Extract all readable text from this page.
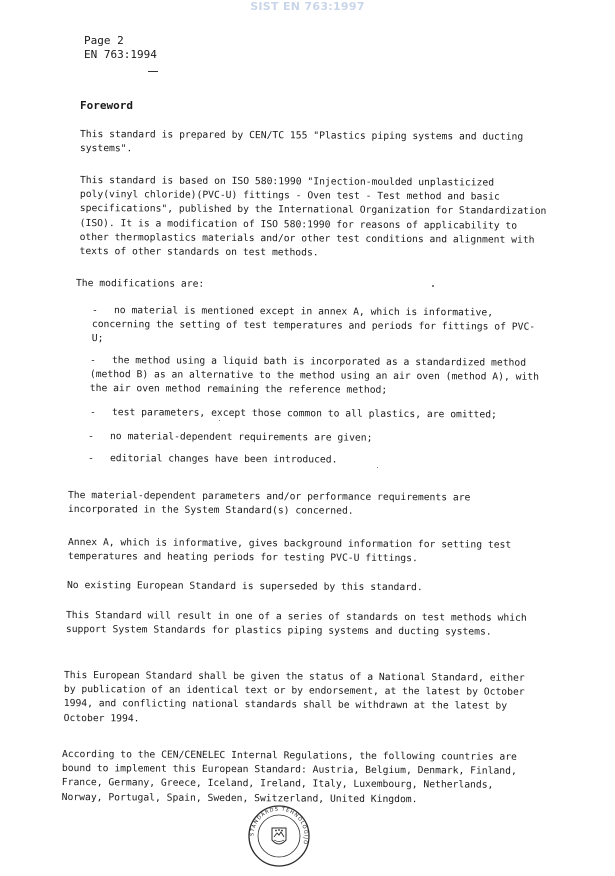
SIST EN 763:1997
Page 2
EN 763:1994
Foreword

This standard is prepared by CEN/TC 155 "Plastics piping systems and ducting systems".

This standard is based on ISO 580:1990 "Injection-moulded unplasticized poly(vinyl chloride)(PVC-U) fittings - Oven test - Test method and basic specifications", published by the International Organization for Standardization (ISO). It is a modification of ISO 580:1990 for reasons of applicability to other thermoplastics materials and/or other test conditions and alignment with texts of other standards on test methods.

The modifications are:

- no material is mentioned except in annex A, which is informative, concerning the setting of test temperatures and periods for fittings of PVC-U;

- the method using a liquid bath is incorporated as a standardized method (method B) as an alternative to the method using an air oven (method A), with the air oven method remaining the reference method;

- test parameters, except those common to all plastics, are omitted;

- no material-dependent requirements are given;

- editorial changes have been introduced.

The material-dependent parameters and/or performance requirements are incorporated in the System Standard(s) concerned.

Annex A, which is informative, gives background information for setting test temperatures and heating periods for testing PVC-U fittings.

No existing European Standard is superseded by this standard.

This Standard will result in one of a series of standards on test methods which support System Standards for plastics piping systems and ducting systems.

This European Standard shall be given the status of a National Standard, either by publication of an identical text or by endorsement, at the latest by October 1994, and conflicting national standards shall be withdrawn at the latest by October 1994.

According to the CEN/CENELEC Internal Regulations, the following countries are bound to implement this European Standard: Austria, Belgium, Denmark, Finland, France, Germany, Greece, Iceland, Ireland, Italy, Luxembourg, Netherlands, Norway, Portugal, Spain, Sweden, Switzerland, United Kingdom.

STANDARDS TEHNOLOGIJO
